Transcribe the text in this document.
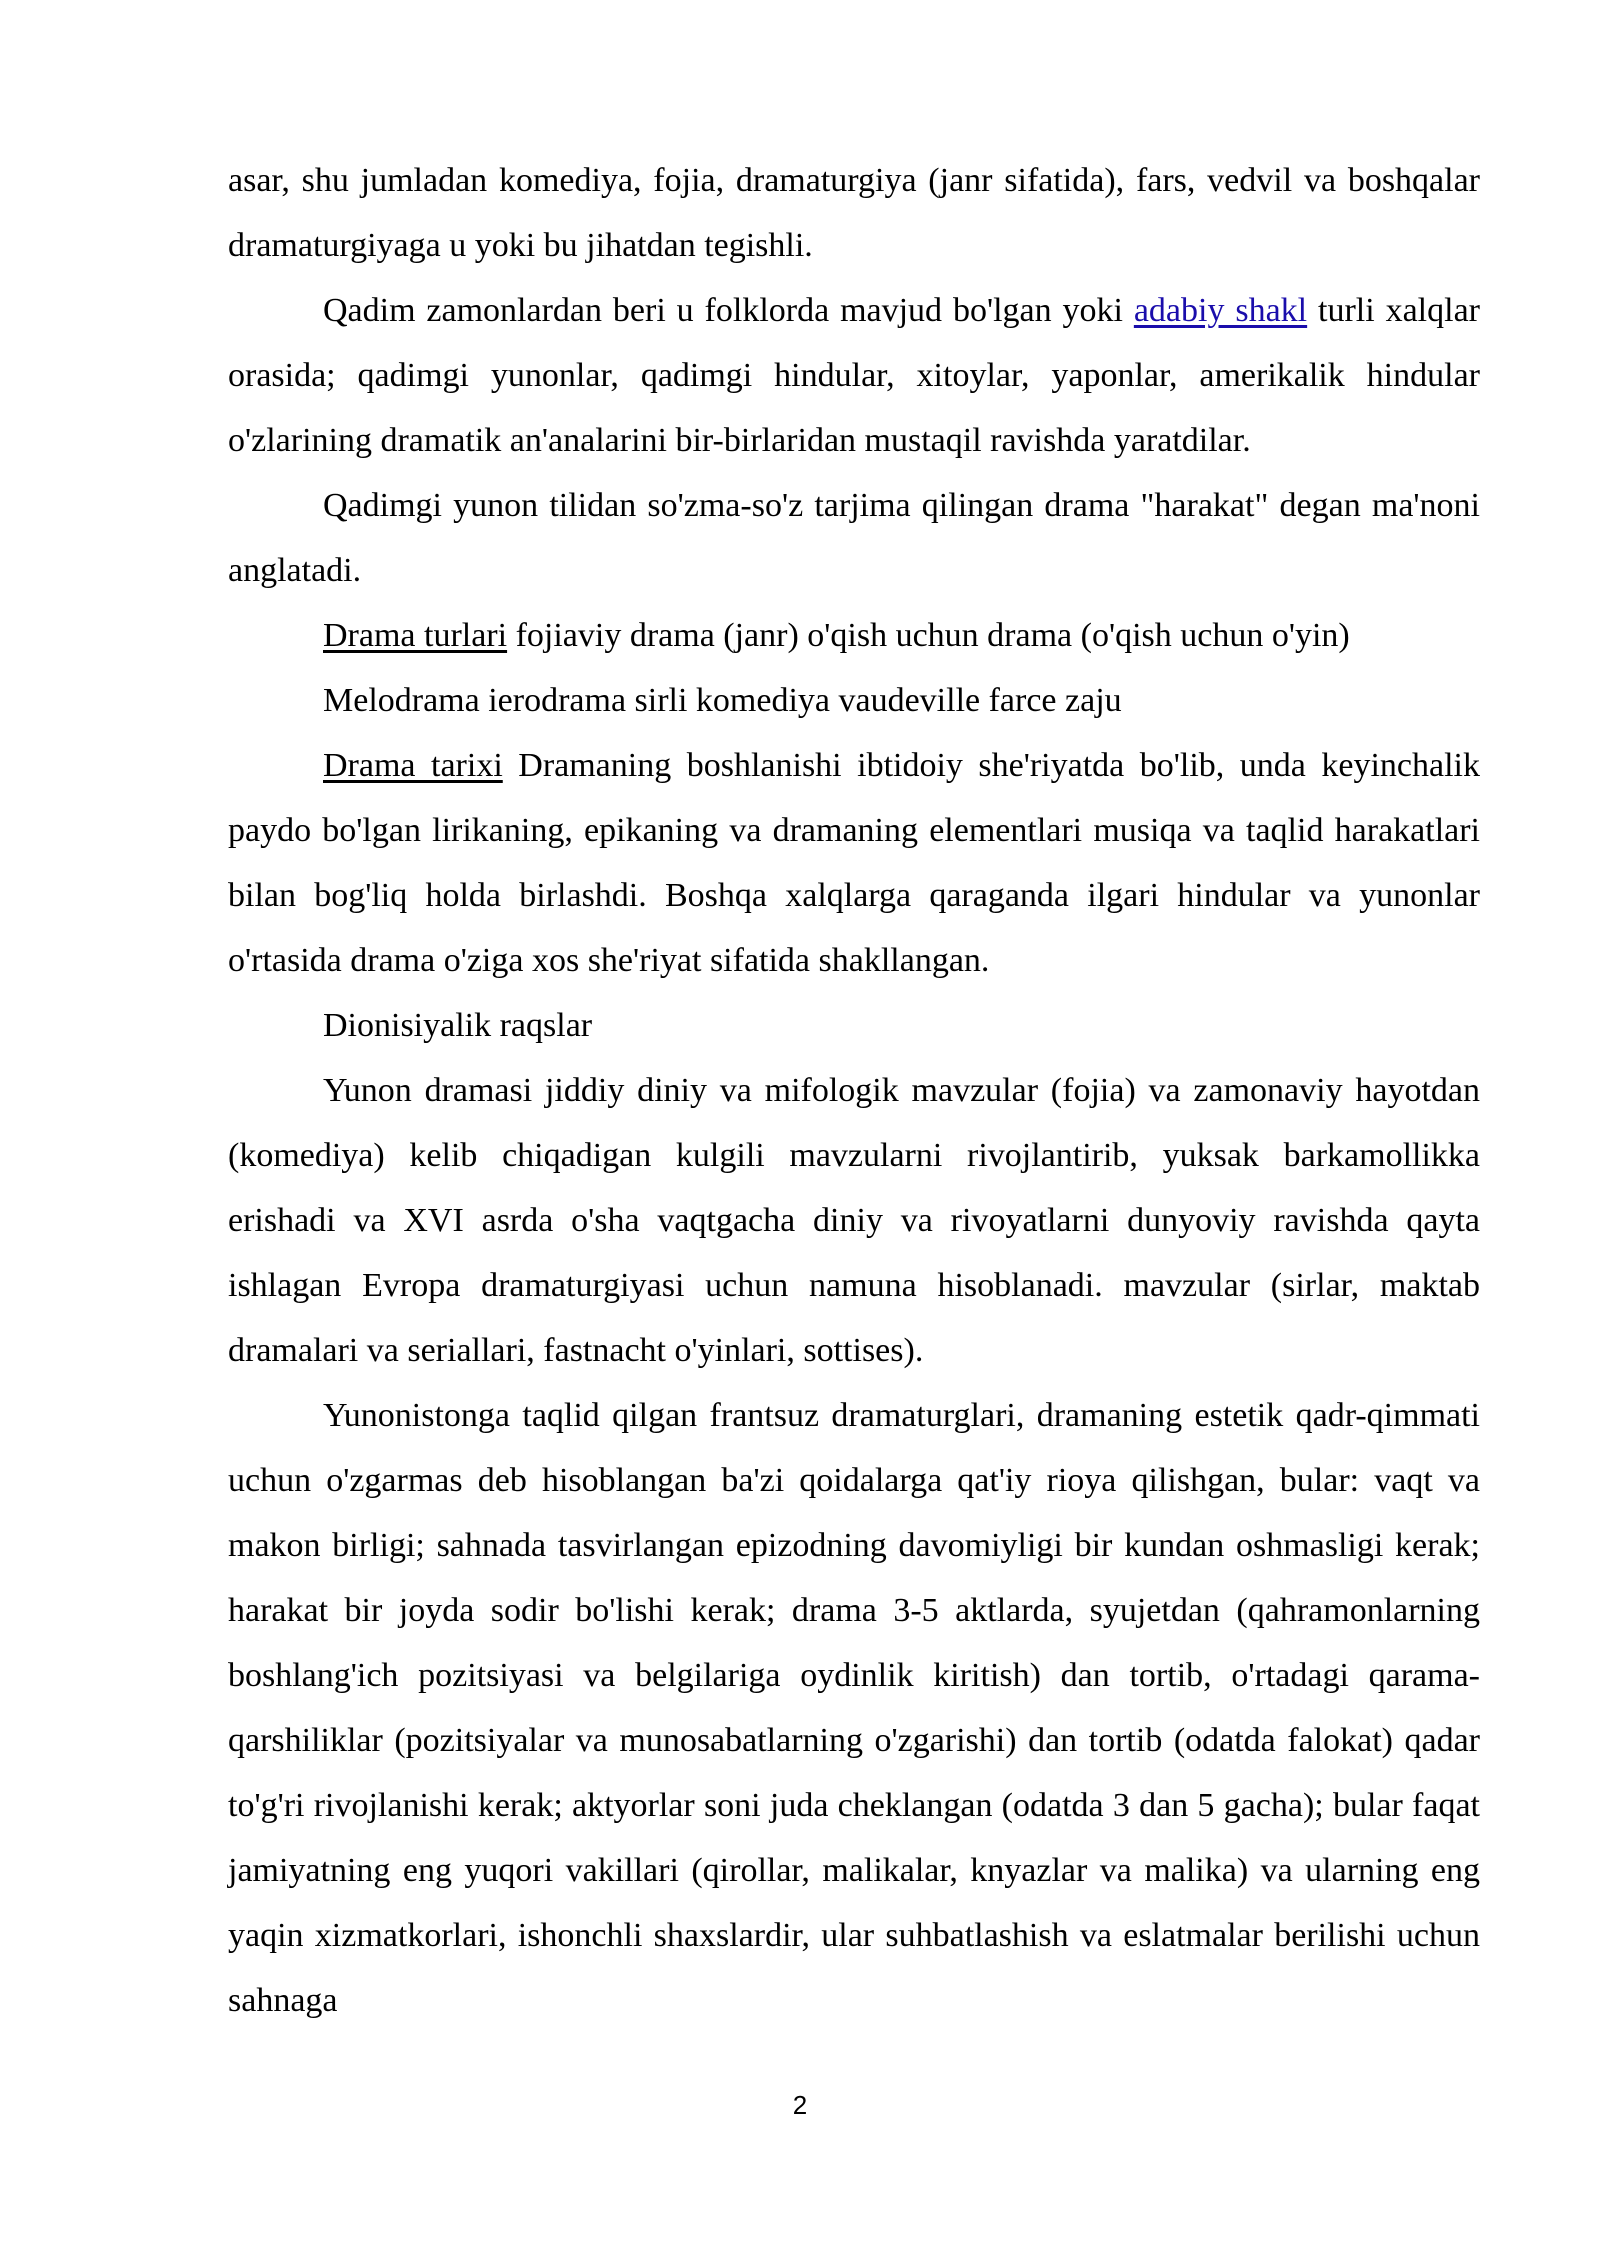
asar, shu jumladan komediya, fojia, dramaturgiya (janr sifatida), fars, vedvil va boshqalar dramaturgiyaga u yoki bu jihatdan tegishli.

Qadim zamonlardan beri u folklorda mavjud bo'lgan yoki adabiy shakl turli xalqlar orasida; qadimgi yunonlar, qadimgi hindular, xitoylar, yaponlar, amerikalik hindular o'zlarining dramatik an'analarini bir-birlaridan mustaqil ravishda yaratdilar.

Qadimgi yunon tilidan so'zma-so'z tarjima qilingan drama "harakat" degan ma'noni anglatadi.

Drama turlari fojiaviy drama (janr) o'qish uchun drama (o'qish uchun o'yin)

Melodrama ierodrama sirli komediya vaudeville farce zaju

Drama tarixi Dramaning boshlanishi ibtidoiy she'riyatda bo'lib, unda keyinchalik paydo bo'lgan lirikaning, epikaning va dramaning elementlari musiqa va taqlid harakatlari bilan bog'liq holda birlashdi. Boshqa xalqlarga qaraganda ilgari hindular va yunonlar o'rtasida drama o'ziga xos she'riyat sifatida shakllangan.

Dionisiyalik raqslar

Yunon dramasi jiddiy diniy va mifologik mavzular (fojia) va zamonaviy hayotdan (komediya) kelib chiqadigan kulgili mavzularni rivojlantirib, yuksak barkamollikka erishadi va XVI asrda o'sha vaqtgacha diniy va rivoyatlarni dunyoviy ravishda qayta ishlagan Evropa dramaturgiyasi uchun namuna hisoblanadi. mavzular (sirlar, maktab dramalari va seriallari, fastnacht o'yinlari, sottises).

Yunonistonga taqlid qilgan frantsuz dramaturglari, dramaning estetik qadr-qimmati uchun o'zgarmas deb hisoblangan ba'zi qoidalarga qat'iy rioya qilishgan, bular: vaqt va makon birligi; sahnada tasvirlangan epizodning davomiyligi bir kundan oshmasligi kerak; harakat bir joyda sodir bo'lishi kerak; drama 3-5 aktlarda, syujetdan (qahramonlarning boshlang'ich pozitsiyasi va belgilariga oydinlik kiritish) dan tortib, o'rtadagi qarama-qarshiliklar (pozitsiyalar va munosabatlarning o'zgarishi) dan tortib (odatda falokat) qadar to'g'ri rivojlanishi kerak; aktyorlar soni juda cheklangan (odatda 3 dan 5 gacha); bular faqat jamiyatning eng yuqori vakillari (qirollar, malikalar, knyazlar va malika) va ularning eng yaqin xizmatkorlari, ishonchli shaxslardir, ular suhbatlashish va eslatmalar berilishi uchun sahnaga

2
